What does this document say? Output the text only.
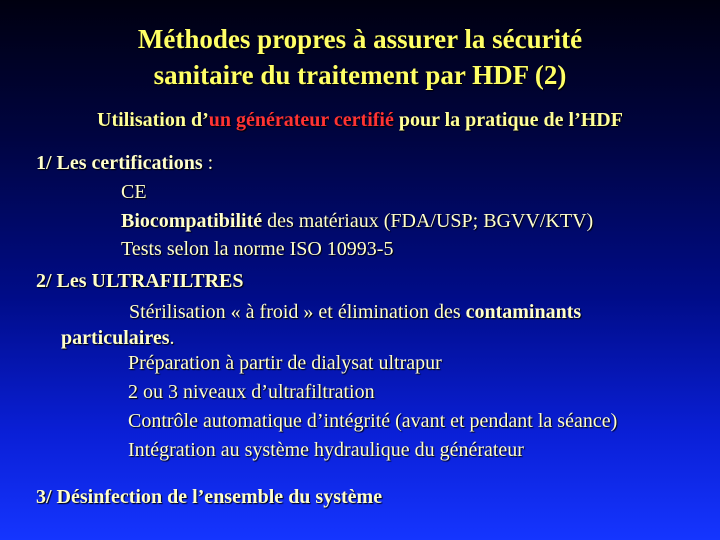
Méthodes propres à assurer la sécurité
sanitaire du traitement par HDF (2)
Utilisation d’un générateur certifié pour la pratique de l’HDF
1/ Les certifications :
CE
Biocompatibilité des matériaux (FDA/USP; BGVV/KTV)
Tests selon la norme ISO 10993-5
2/ Les ULTRAFILTRES
Stérilisation « à froid » et élimination des contaminants
particulaires.
Préparation à partir de dialysat ultrapur
2 ou 3 niveaux d’ultrafiltration
Contrôle automatique d’intégrité (avant et pendant la séance)
Intégration au système hydraulique du générateur
3/ Désinfection de l’ensemble du système
